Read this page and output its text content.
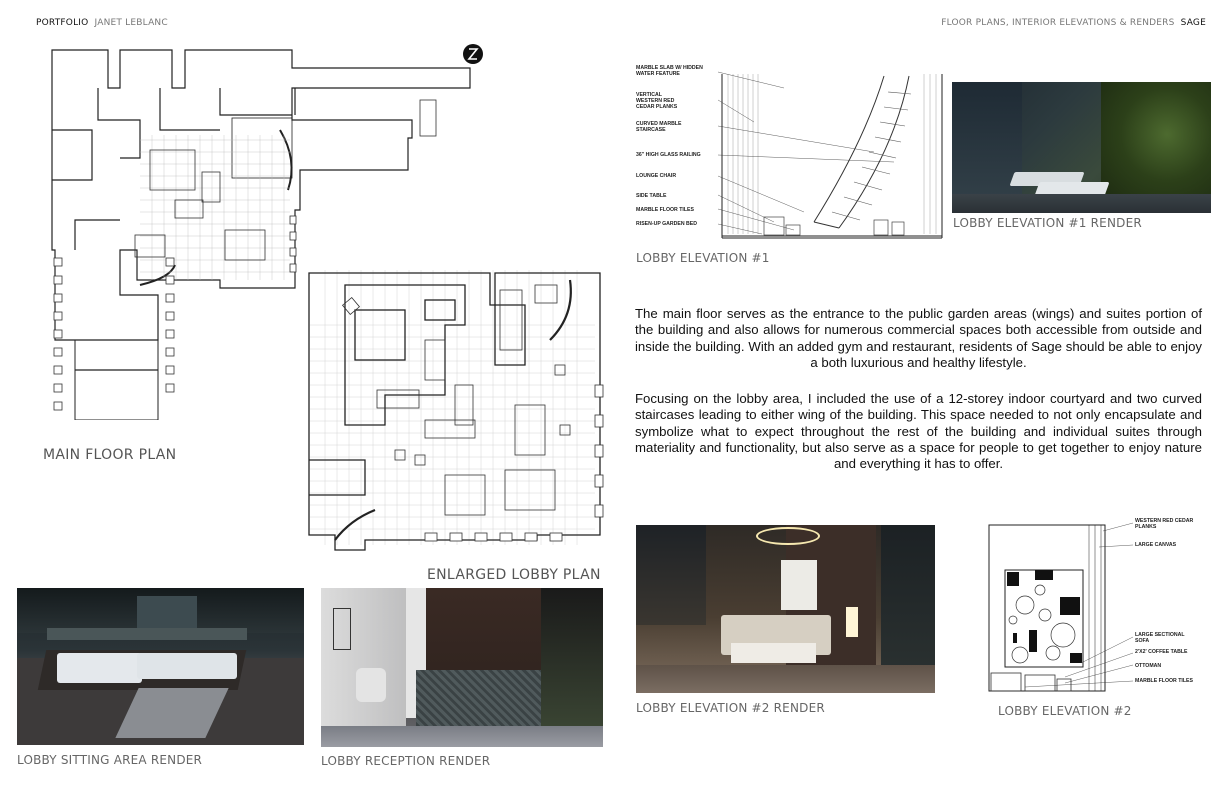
PORTFOLIO JANET LEBLANC	FLOOR PLANS, INTERIOR ELEVATIONS & RENDERS SAGE
MAIN FLOOR PLAN
ENLARGED LOBBY PLAN
MARBLE SLAB W/ HIDDEN
WATER FEATURE
VERTICAL
WESTERN RED
CEDAR PLANKS
CURVED MARBLE
STAIRCASE
36" HIGH GLASS RAILING
LOUNGE CHAIR
SIDE TABLE
MARBLE FLOOR TILES
RISEN-UP GARDEN BED
LOBBY ELEVATION #1
LOBBY ELEVATION #1 RENDER
The main floor serves as the entrance to the public garden areas (wings) and suites portion of the building and also allows for numerous commercial spaces both accessible from outside and inside the building. With an added gym and restaurant, residents of Sage should be able to enjoy a both luxurious and healthy lifestyle.
Focusing on the lobby area, I included the use of a 12-storey indoor courtyard and two curved staircases leading to either wing of the building. This space needed to not only encapsulate and symbolize what to expect throughout the rest of the building and individual suites through materiality and functionality, but also serve as a space for people to get together to enjoy nature and everything it has to offer.
LOBBY SITTING AREA RENDER	LOBBY RECEPTION RENDER
LOBBY ELEVATION #2 RENDER
WESTERN RED CEDAR
PLANKS
LARGE CANVAS
LARGE SECTIONAL
SOFA
2'X2' COFFEE TABLE
OTTOMAN
MARBLE FLOOR TILES
LOBBY ELEVATION #2
